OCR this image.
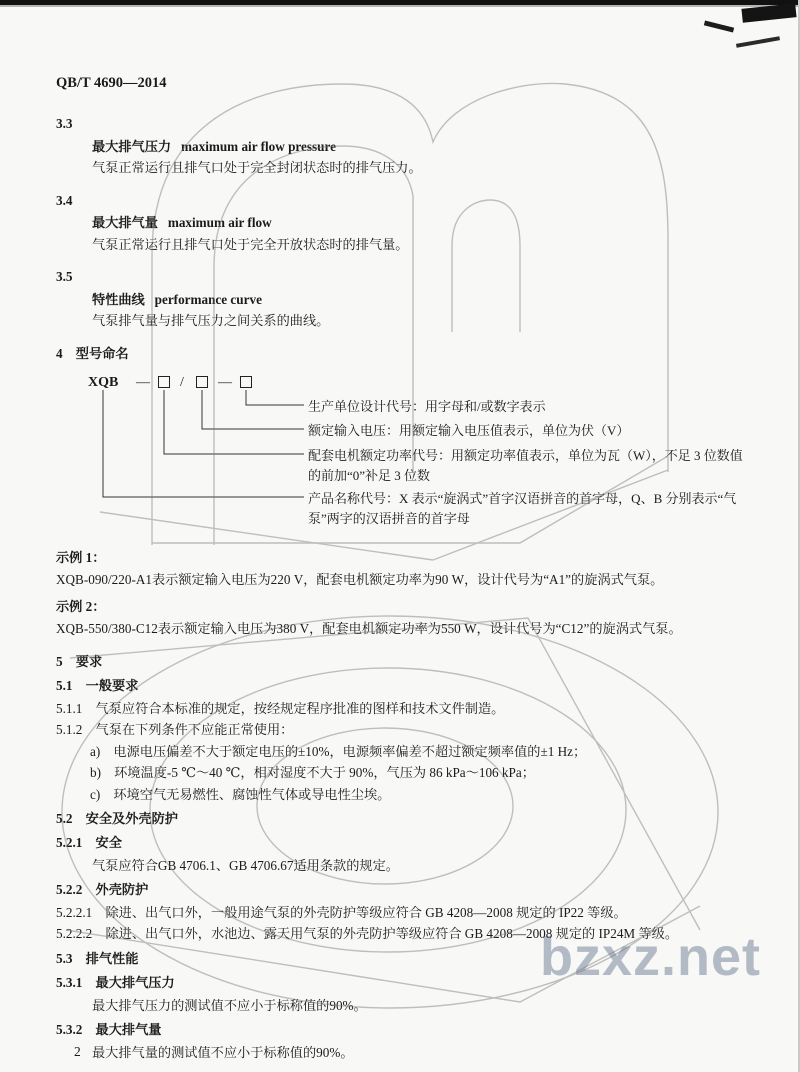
bzxz.net

QB/T 4690—2014

3.3

最大排气压力 maximum air flow pressure

气泵正常运行且排气口处于完全封闭状态时的排气压力。

3.4

最大排气量 maximum air flow

气泵正常运行且排气口处于完全开放状态时的排气量。

3.5

特性曲线 performance curve

气泵排气量与排气压力之间关系的曲线。

4　型号命名

XQB — / —
生产单位设计代号：用字母和/或数字表示
额定输入电压：用额定输入电压值表示，单位为伏（V）
配套电机额定功率代号：用额定功率值表示，单位为瓦（W），不足 3 位数值的前加“0”补足 3 位数
产品名称代号：X 表示“旋涡式”首字汉语拼音的首字母，Q、B 分别表示“气泵”两字的汉语拼音的首字母

示例 1：

XQB-090/220-A1表示额定输入电压为220 V，配套电机额定功率为90 W，设计代号为“A1”的旋涡式气泵。

示例 2：

XQB-550/380-C12表示额定输入电压为380 V，配套电机额定功率为550 W，设计代号为“C12”的旋涡式气泵。

5　要求

5.1　一般要求

5.1.1　气泵应符合本标准的规定，按经规定程序批准的图样和技术文件制造。

5.1.2　气泵在下列条件下应能正常使用：

a)　电源电压偏差不大于额定电压的±10%，电源频率偏差不超过额定频率值的±1 Hz；

b)　环境温度-5 ℃～40 ℃，相对湿度不大于 90%，气压为 86 kPa～106 kPa；

c)　环境空气无易燃性、腐蚀性气体或导电性尘埃。

5.2　安全及外壳防护

5.2.1　安全

气泵应符合GB 4706.1、GB 4706.67适用条款的规定。

5.2.2　外壳防护

5.2.2.1　除进、出气口外，一般用途气泵的外壳防护等级应符合 GB 4208—2008 规定的 IP22 等级。

5.2.2.2　除进、出气口外，水池边、露天用气泵的外壳防护等级应符合 GB 4208—2008 规定的 IP24M 等级。

5.3　排气性能

5.3.1　最大排气压力

最大排气压力的测试值不应小于标称值的90%。

5.3.2　最大排气量

最大排气量的测试值不应小于标称值的90%。

2
